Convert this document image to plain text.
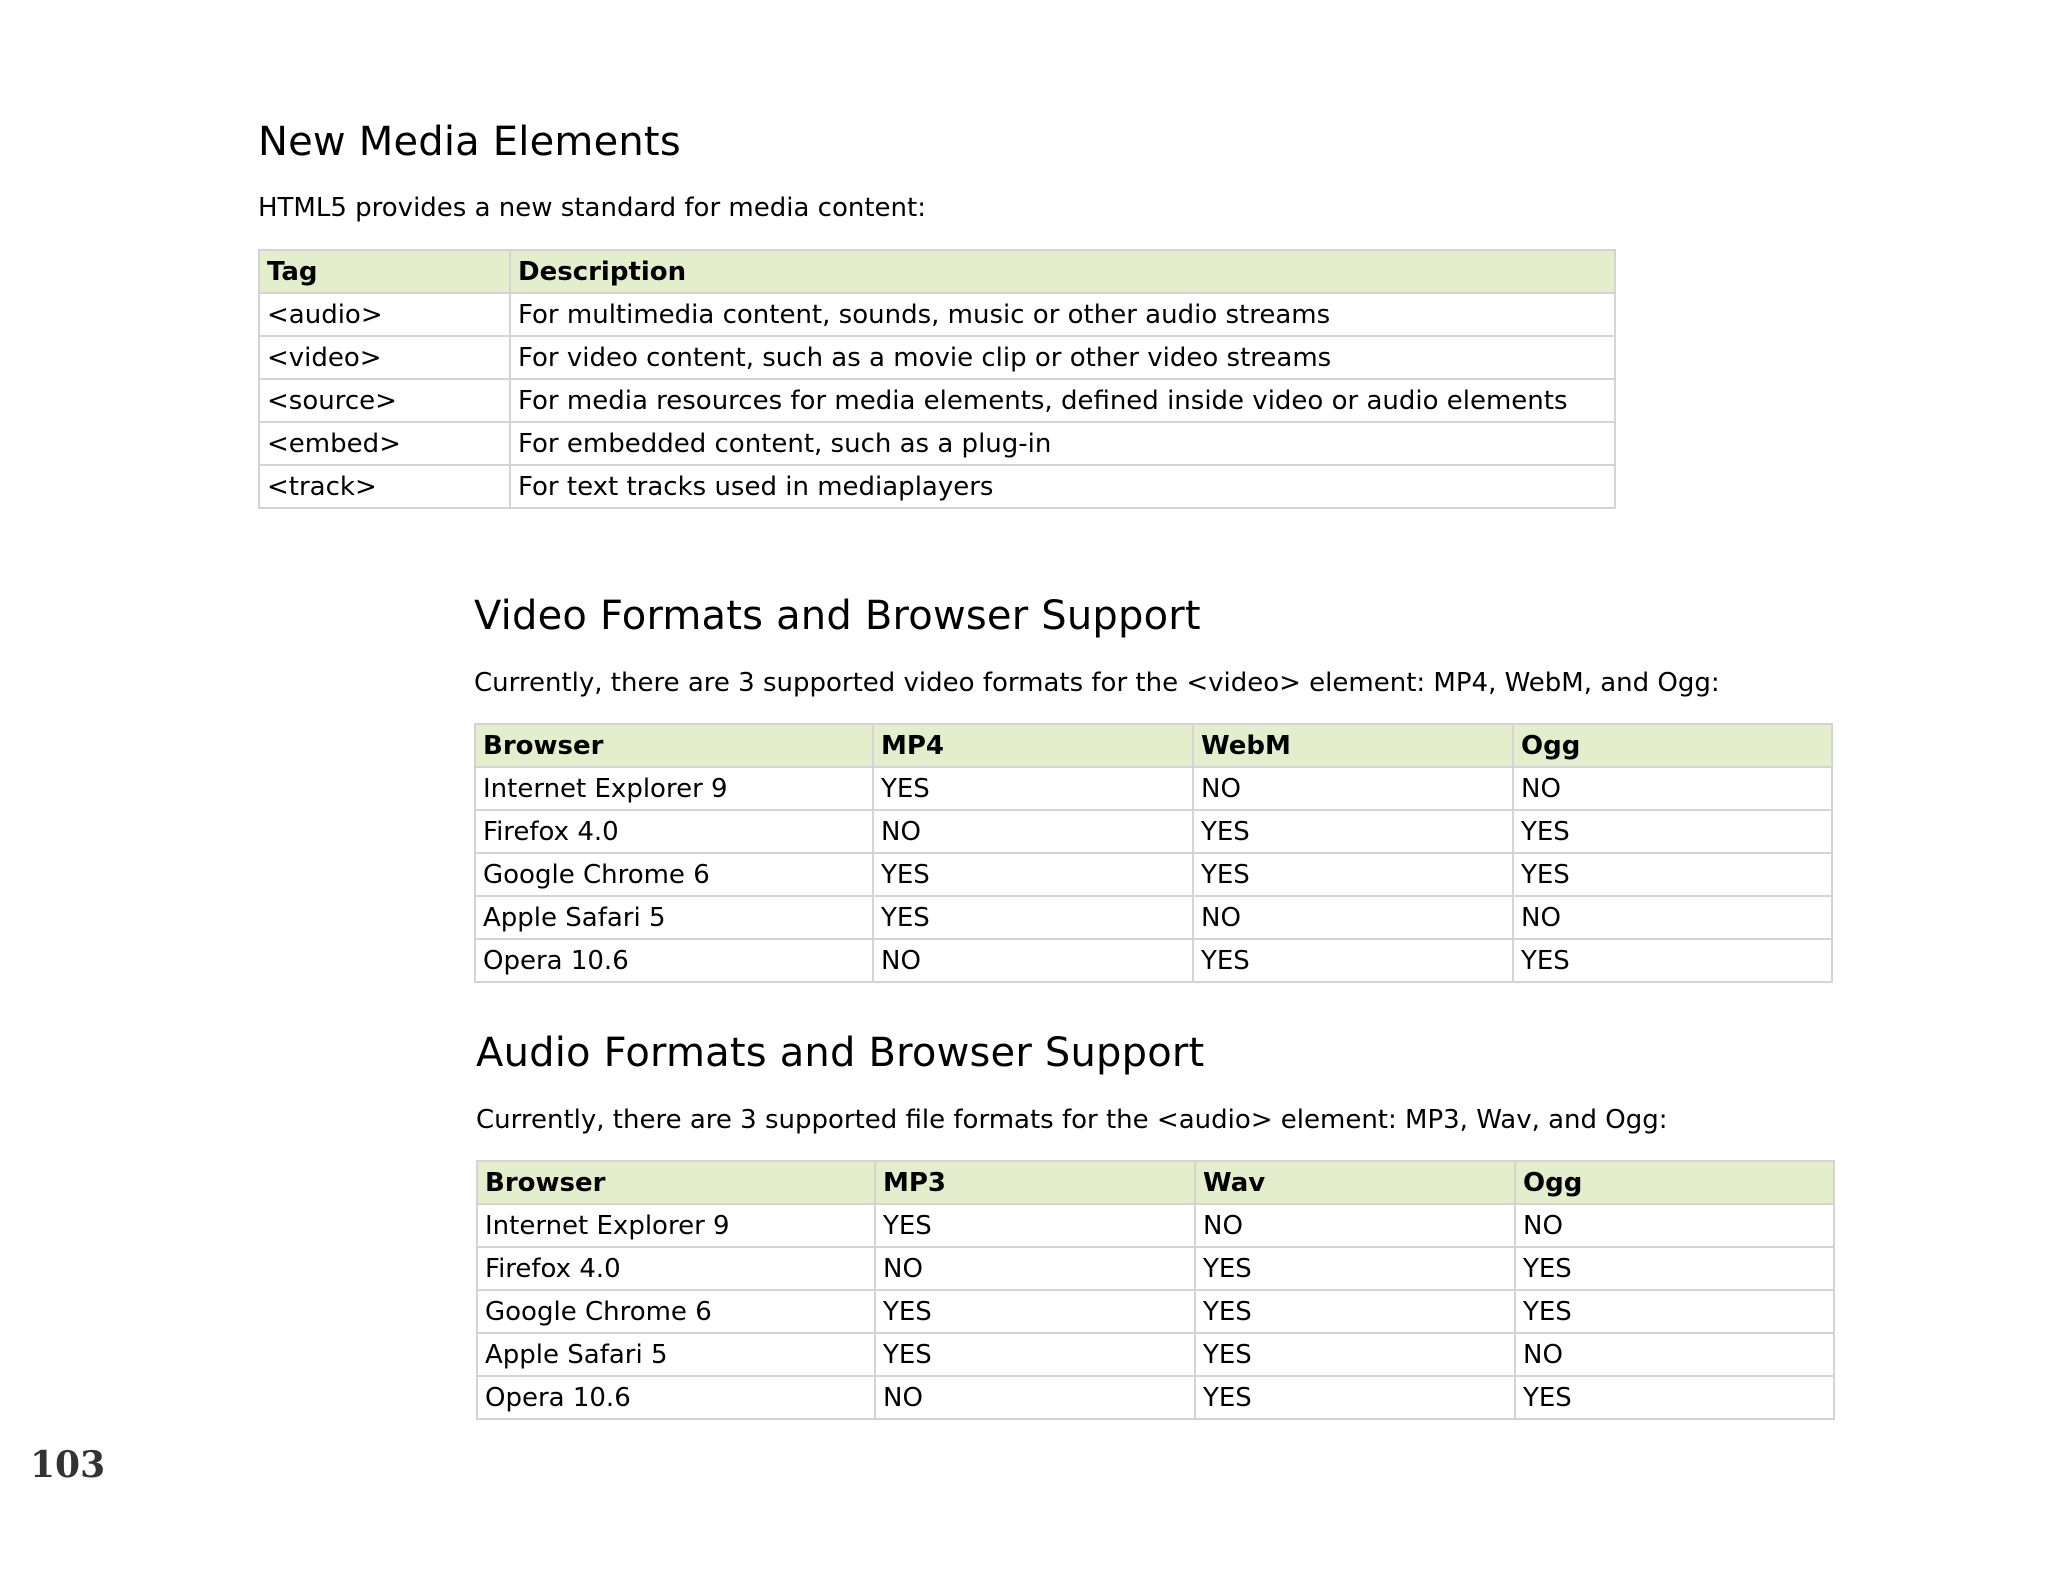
New Media Elements

HTML5 provides a new standard for media content:

Tag	Description
<audio>	For multimedia content, sounds, music or other audio streams
<video>	For video content, such as a movie clip or other video streams
<source>	For media resources for media elements, defined inside video or audio elements
<embed>	For embedded content, such as a plug-in
<track>	For text tracks used in mediaplayers
Video Formats and Browser Support

Currently, there are 3 supported video formats for the <video> element: MP4, WebM, and Ogg:

Browser	MP4	WebM	Ogg
Internet Explorer 9	YES	NO	NO
Firefox 4.0	NO	YES	YES
Google Chrome 6	YES	YES	YES
Apple Safari 5	YES	NO	NO
Opera 10.6	NO	YES	YES
Audio Formats and Browser Support

Currently, there are 3 supported file formats for the <audio> element: MP3, Wav, and Ogg:

Browser	MP3	Wav	Ogg
Internet Explorer 9	YES	NO	NO
Firefox 4.0	NO	YES	YES
Google Chrome 6	YES	YES	YES
Apple Safari 5	YES	YES	NO
Opera 10.6	NO	YES	YES
103
